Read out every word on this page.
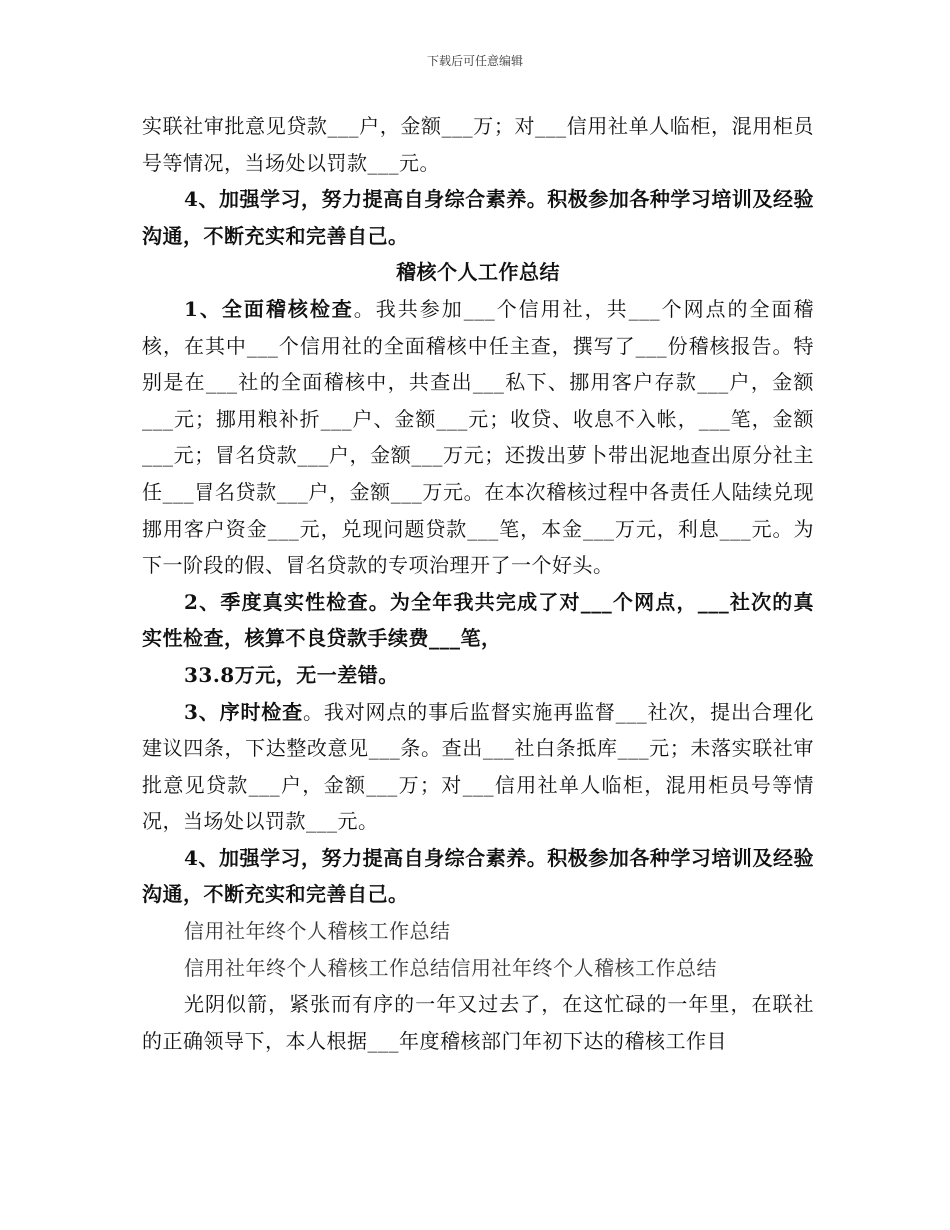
下载后可任意编辑

实联社审批意见贷款___户，金额___万；对___信用社单人临柜，混用柜员号等情况，当场处以罚款___元。

4、加强学习，努力提高自身综合素养。积极参加各种学习培训及经验沟通，不断充实和完善自己。

稽核个人工作总结

1、全面稽核检查。我共参加___个信用社，共___个网点的全面稽核，在其中___个信用社的全面稽核中任主查，撰写了___份稽核报告。特别是在___社的全面稽核中，共查出___私下、挪用客户存款___户，金额___元；挪用粮补折___户、金额___元；收贷、收息不入帐，___笔，金额___元；冒名贷款___户，金额___万元；还拨出萝卜带出泥地查出原分社主任___冒名贷款___户，金额___万元。在本次稽核过程中各责任人陆续兑现挪用客户资金___元，兑现问题贷款___笔，本金___万元，利息___元。为下一阶段的假、冒名贷款的专项治理开了一个好头。

2、季度真实性检查。为全年我共完成了对___个网点，___社次的真实性检查，核算不良贷款手续费___笔，

33.8万元，无一差错。

3、序时检查。我对网点的事后监督实施再监督___社次，提出合理化建议四条，下达整改意见___条。查出___社白条抵库___元；未落实联社审批意见贷款___户，金额___万；对___信用社单人临柜，混用柜员号等情况，当场处以罚款___元。

4、加强学习，努力提高自身综合素养。积极参加各种学习培训及经验沟通，不断充实和完善自己。

信用社年终个人稽核工作总结

信用社年终个人稽核工作总结信用社年终个人稽核工作总结

光阴似箭，紧张而有序的一年又过去了，在这忙碌的一年里，在联社的正确领导下，本人根据___年度稽核部门年初下达的稽核工作目
